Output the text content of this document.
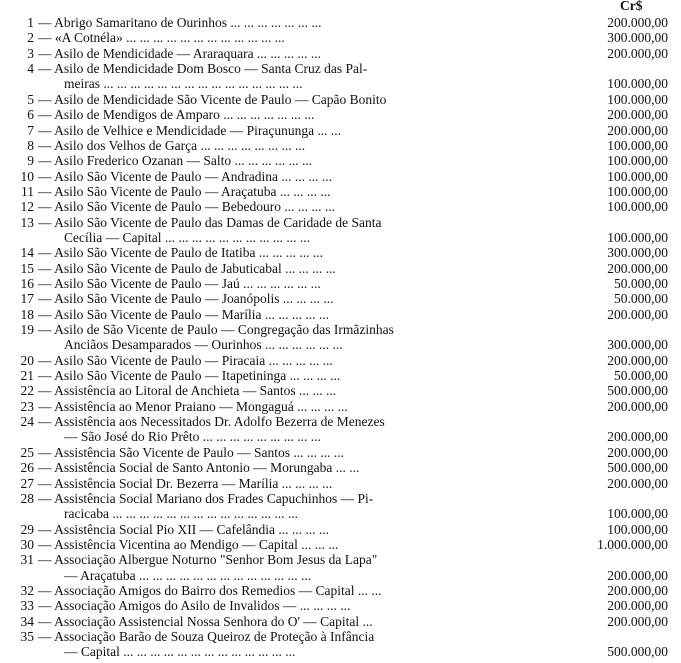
Cr$
1 — Abrigo Samaritano de Ourinhos ... ... ... ... ... ... ...	200.000,00
2 — «A Cotnéla» ... ... ... ... ... ... ... ... ... ... ... ...	300.000,00
3 — Asilo de Mendicidade — Araraquara ... ... ... ... ...	200.000,00
4 — Asilo de Mendicidade Dom Bosco — Santa Cruz das Pal-
meiras ... ... ... ... ... ... ... ... ... ... ... ... ... ... ...	100.000,00
5 — Asilo de Mendicidade São Vicente de Paulo — Capão Bonito	100.000,00
6 — Asilo de Mendigos de Amparo ... ... ... ... ... ... ...	200.000,00
7 — Asilo de Velhice e Mendicidade — Piraçununga ... ...	200.000,00
8 — Asilo dos Velhos de Garça ... ... ... ... ... ... ... ...	100.000,00
9 — Asilo Frederico Ozanan — Salto ... ... ... ... ... ...	100.000,00
10 — Asilo São Vicente de Paulo — Andradina ... ... ... ...	100.000,00
11 — Asilo São Vicente de Paulo — Araçatuba ... ... ... ...	100.000,00
12 — Asilo São Vicente de Paulo — Bebedouro ... ... ... ...	100.000,00
13 — Asilo São Vicente de Paulo das Damas de Caridade de Santa
Cecília — Capital ... ... ... ... ... ... ... ... ... ... ...	100.000,00
14 — Asilo São Vicente de Paulo de Itatiba ... ... ... ... ...	300.000,00
15 — Asilo São Vicente de Paulo de Jabuticabal ... ... ... ...	200.000,00
16 — Asilo São Vicente de Paulo — Jaú ... ... ... ... ... ...	50.000,00
17 — Asilo São Vicente de Paulo — Joanópolis ... ... ... ...	50.000,00
18 — Asilo São Vicente de Paulo — Marília ... ... ... ... ...	200.000,00
19 — Asilo de São Vicente de Paulo — Congregação das Irmãzinhas
Anciãos Desamparados — Ourinhos ... ... ... ... ... ...	300.000,00
20 — Asilo São Vicente de Paulo — Piracaia ... ... ... ... ...	200.000,00
21 — Asilo São Vicente de Paulo — Itapetininga ... ... ... ...	50.000,00
22 — Assistência ao Litoral de Anchieta — Santos ... ... ...	500.000,00
23 — Assistência ao Menor Praiano — Mongaguá ... ... ... ...	200.000,00
24 — Assistência aos Necessitados Dr. Adolfo Bezerra de Menezes
— São José do Rio Prêto ... ... ... ... ... ... ... ... ...	200.000,00
25 — Assistência São Vicente de Paulo — Santos ... ... ... ...	200.000,00
26 — Assistência Social de Santo Antonio — Morungaba ... ...	500.000,00
27 — Assistência Social Dr. Bezerra — Marília ... ... ... ...	200.000,00
28 — Assistência Social Mariano dos Frades Capuchinhos — Pi-
racicaba ... ... ... ... ... ... ... ... ... ... ... ... ... ...	100.000,00
29 — Assistência Social Pio XII — Cafelândia ... ... ... ...	100.000,00
30 — Assistência Vicentina ao Mendigo — Capital ... ... ...	1.000.000,00
31 — Associação Albergue Noturno "Senhor Bom Jesus da Lapa"
— Araçatuba ... ... ... ... ... ... ... ... ... ... ... ... ...	200.000,00
32 — Associação Amigos do Bairro dos Remedios — Capital ... ...	200.000,00
33 — Associação Amigos do Asilo de Invalidos — ... ... ... ...	200.000,00
34 — Associação Assistencial Nossa Senhora do O' — Capital ...	200.000,00
35 — Associação Barão de Souza Queiroz de Proteção à Infância
— Capital ... ... ... ... ... ... ... ... ... ... ... ... ...	500.000,00
